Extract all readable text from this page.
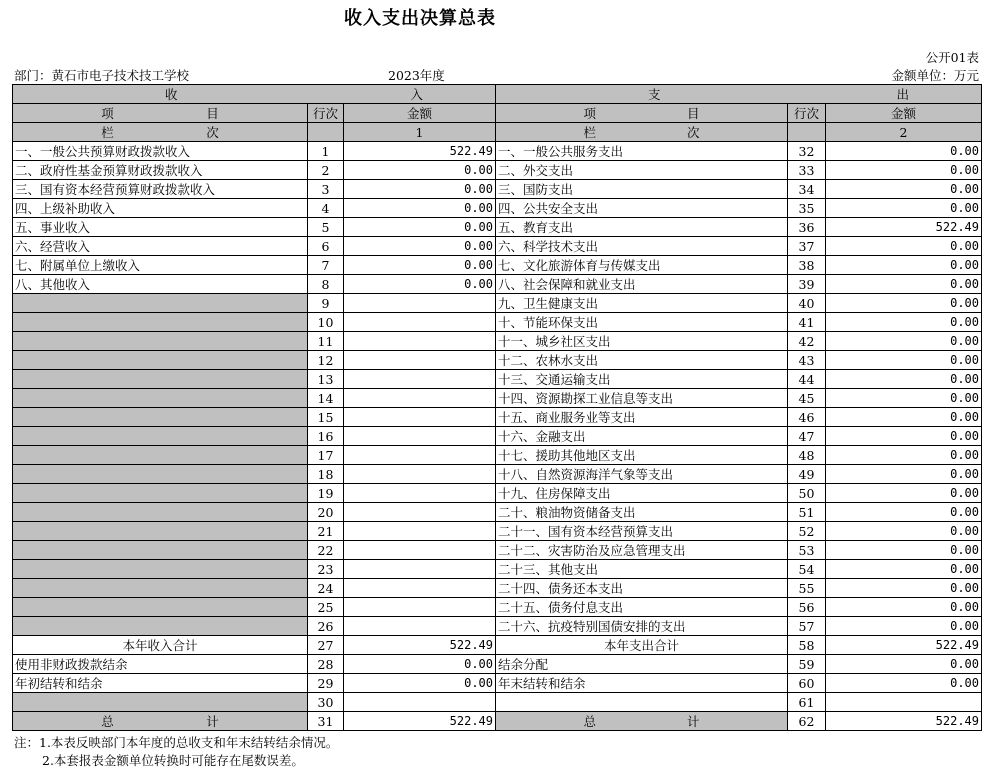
收入支出决算总表
公开01表
部门：黄石市电子技术技工学校	2023年度	金额单位：万元
收 入			支 出		

项 目	行次	金额	项 目	行次	金额

栏 次		1	栏 次		2
一、一般公共预算财政拨款收入	1	522.49	一、一般公共服务支出	32	0.00
二、政府性基金预算财政拨款收入	2	0.00	二、外交支出	33	0.00
三、国有资本经营预算财政拨款收入	3	0.00	三、国防支出	34	0.00
四、上级补助收入	4	0.00	四、公共安全支出	35	0.00
五、事业收入	5	0.00	五、教育支出	36	522.49
六、经营收入	6	0.00	六、科学技术支出	37	0.00
七、附属单位上缴收入	7	0.00	七、文化旅游体育与传媒支出	38	0.00
八、其他收入	8	0.00	八、社会保障和就业支出	39	0.00
	9		九、卫生健康支出	40	0.00
	10		十、节能环保支出	41	0.00
	11		十一、城乡社区支出	42	0.00
	12		十二、农林水支出	43	0.00
	13		十三、交通运输支出	44	0.00
	14		十四、资源勘探工业信息等支出	45	0.00
	15		十五、商业服务业等支出	46	0.00
	16		十六、金融支出	47	0.00
	17		十七、援助其他地区支出	48	0.00
	18		十八、自然资源海洋气象等支出	49	0.00
	19		十九、住房保障支出	50	0.00
	20		二十、粮油物资储备支出	51	0.00
	21		二十一、国有资本经营预算支出	52	0.00
	22		二十二、灾害防治及应急管理支出	53	0.00
	23		二十三、其他支出	54	0.00
	24		二十四、债务还本支出	55	0.00
	25		二十五、债务付息支出	56	0.00
	26		二十六、抗疫特别国债安排的支出	57	0.00
本年收入合计	27	522.49	本年支出合计	58	522.49
使用非财政拨款结余	28	0.00	结余分配	59	0.00
年初结转和结余	29	0.00	年末结转和结余	60	0.00
	30			61	

总 计	31	522.49	总 计	62	522.49
注：1.本表反映部门本年度的总收支和年末结转结余情况。
2.本套报表金额单位转换时可能存在尾数误差。
